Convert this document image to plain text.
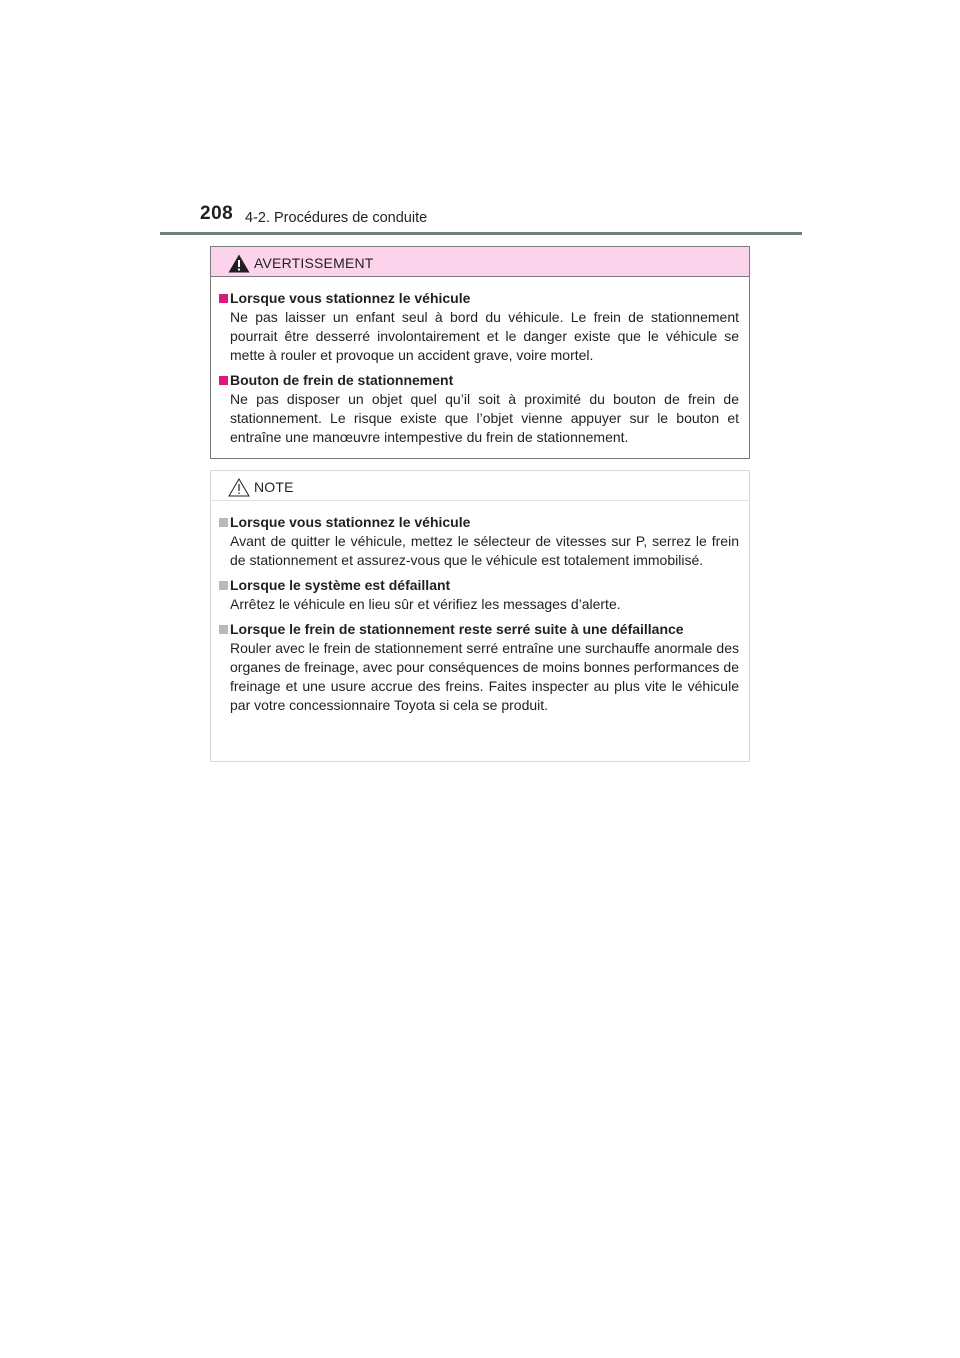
208 4-2. Procédures de conduite
AVERTISSEMENT
Lorsque vous stationnez le véhicule
Ne pas laisser un enfant seul à bord du véhicule. Le frein de stationnement pourrait être desserré involontairement et le danger existe que le véhicule se mette à rouler et provoque un accident grave, voire mortel.
Bouton de frein de stationnement
Ne pas disposer un objet quel qu’il soit à proximité du bouton de frein de stationnement. Le risque existe que l’objet vienne appuyer sur le bouton et entraîne une manœuvre intempestive du frein de stationnement.
NOTE
Lorsque vous stationnez le véhicule
Avant de quitter le véhicule, mettez le sélecteur de vitesses sur P, serrez le frein de stationnement et assurez-vous que le véhicule est totalement immobilisé.
Lorsque le système est défaillant
Arrêtez le véhicule en lieu sûr et vérifiez les messages d’alerte.
Lorsque le frein de stationnement reste serré suite à une défaillance
Rouler avec le frein de stationnement serré entraîne une surchauffe anormale des organes de freinage, avec pour conséquences de moins bonnes performances de freinage et une usure accrue des freins. Faites inspecter au plus vite le véhicule par votre concessionnaire Toyota si cela se produit.
